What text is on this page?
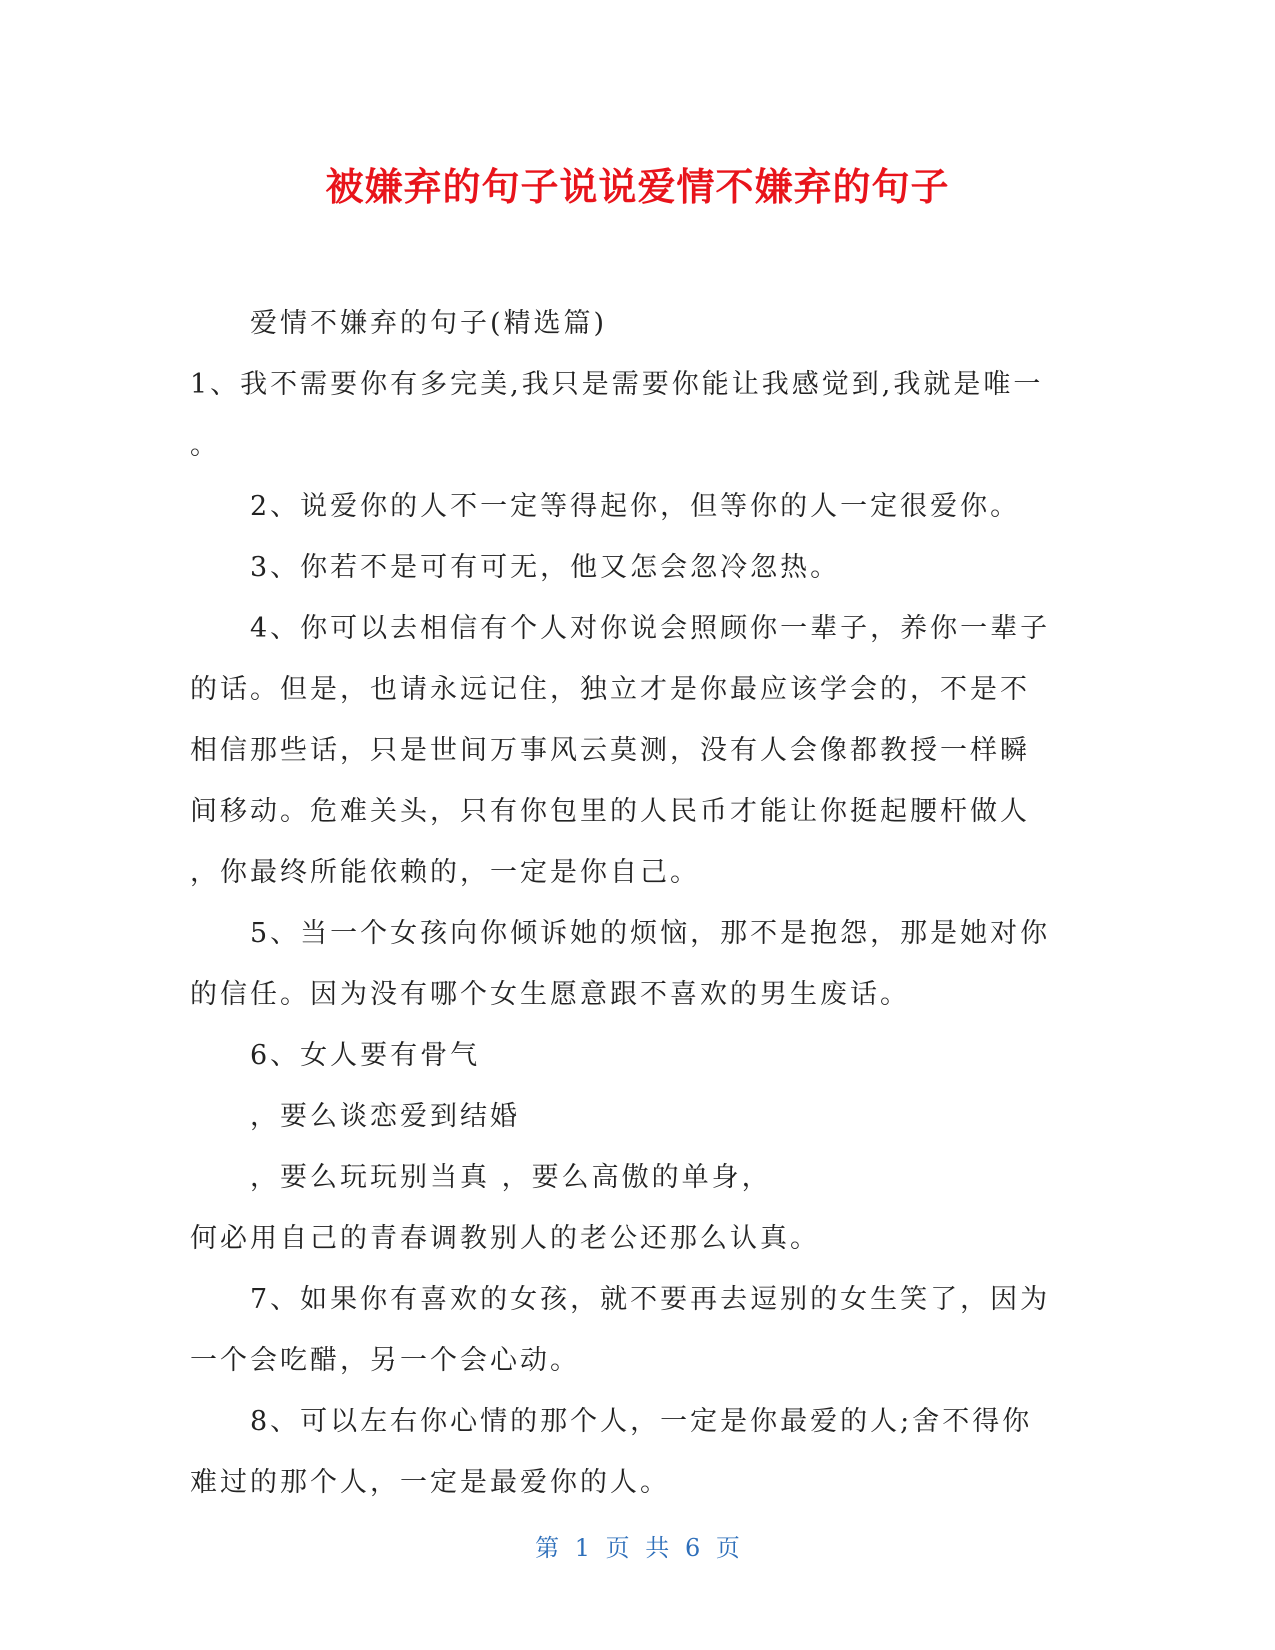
被嫌弃的句子说说爱情不嫌弃的句子
爱情不嫌弃的句子(精选篇)
1、我不需要你有多完美,我只是需要你能让我感觉到,我就是唯一
。
2、说爱你的人不一定等得起你，但等你的人一定很爱你。
3、你若不是可有可无，他又怎会忽冷忽热。
4、你可以去相信有个人对你说会照顾你一辈子，养你一辈子
的话。但是，也请永远记住，独立才是你最应该学会的，不是不
相信那些话，只是世间万事风云莫测，没有人会像都教授一样瞬
间移动。危难关头，只有你包里的人民币才能让你挺起腰杆做人
，你最终所能依赖的，一定是你自己。
5、当一个女孩向你倾诉她的烦恼，那不是抱怨，那是她对你
的信任。因为没有哪个女生愿意跟不喜欢的男生废话。
6、女人要有骨气
，要么谈恋爱到结婚
，要么玩玩别当真 ，要么高傲的单身，
何必用自己的青春调教别人的老公还那么认真。
7、如果你有喜欢的女孩，就不要再去逗别的女生笑了，因为
一个会吃醋，另一个会心动。
8、可以左右你心情的那个人，一定是你最爱的人;舍不得你
难过的那个人，一定是最爱你的人。
第 1 页 共 6 页
